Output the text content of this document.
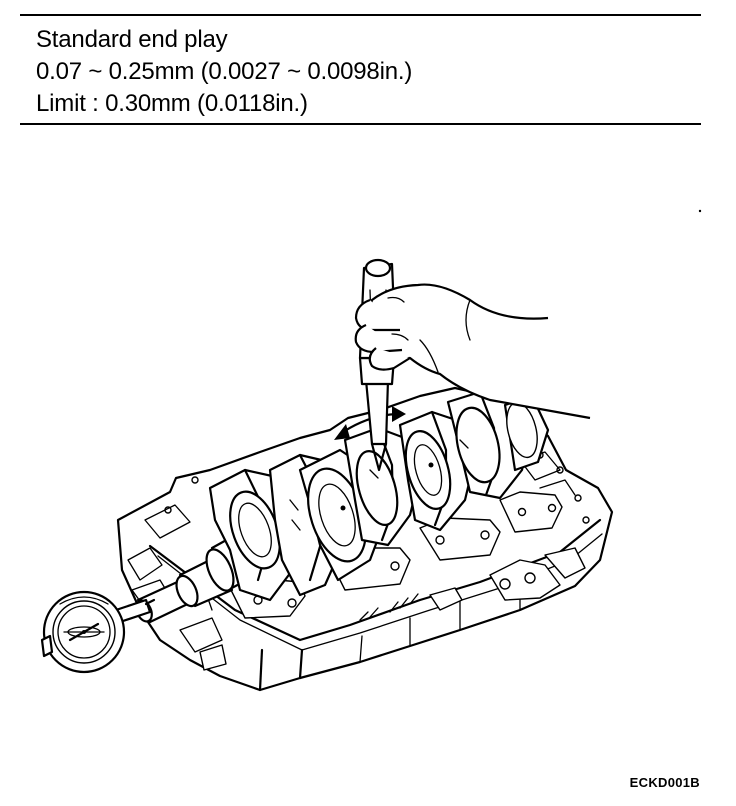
Standard end play
0.07 ~ 0.25mm (0.0027 ~ 0.0098in.)
Limit : 0.30mm (0.0118in.)
ECKD001B
